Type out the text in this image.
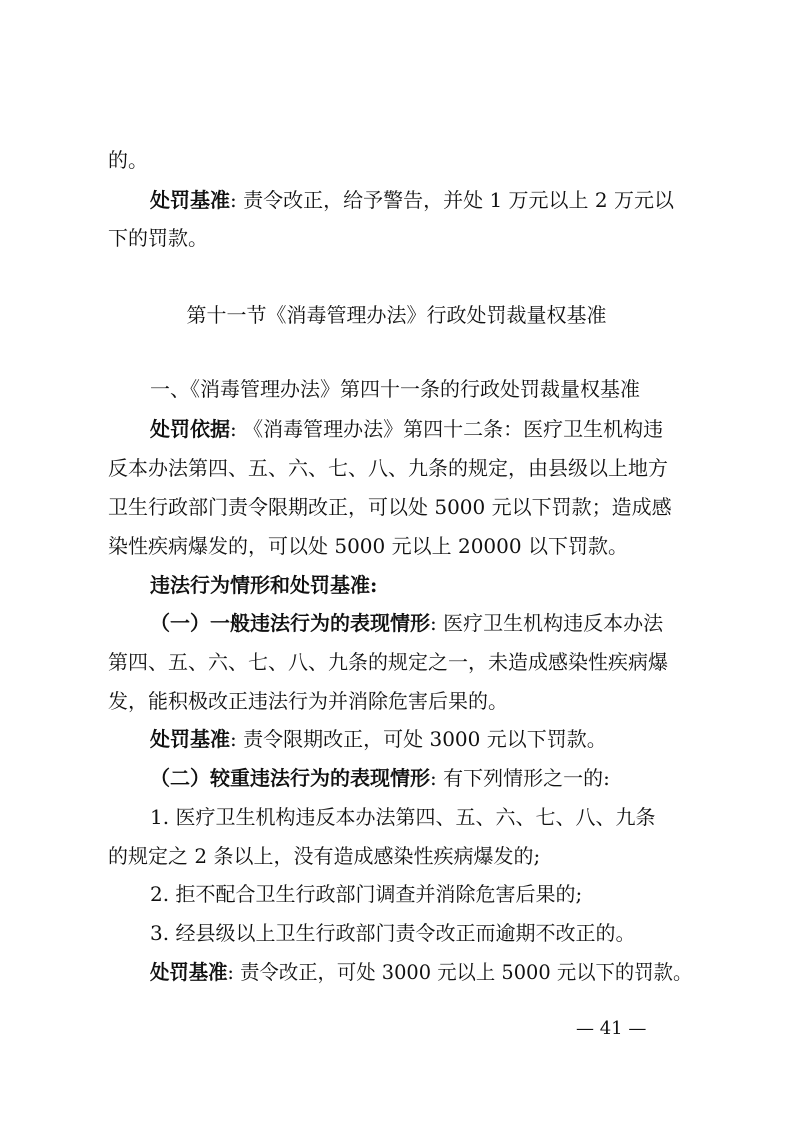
的。
处罚基准: 责令改正，给予警告，并处 1 万元以上 2 万元以
下的罚款。
第十一节《消毒管理办法》行政处罚裁量权基准
一、《消毒管理办法》第四十一条的行政处罚裁量权基准
处罚依据: 《消毒管理办法》第四十二条：医疗卫生机构违
反本办法第四、五、六、七、八、九条的规定，由县级以上地方
卫生行政部门责令限期改正，可以处 5000 元以下罚款；造成感
染性疾病爆发的，可以处 5000 元以上 20000 以下罚款。
违法行为情形和处罚基准:
（一）一般违法行为的表现情形: 医疗卫生机构违反本办法
第四、五、六、七、八、九条的规定之一，未造成感染性疾病爆
发，能积极改正违法行为并消除危害后果的。
处罚基准: 责令限期改正，可处 3000 元以下罚款。
（二）较重违法行为的表现情形: 有下列情形之一的:
1. 医疗卫生机构违反本办法第四、五、六、七、八、九条
的规定之 2 条以上，没有造成感染性疾病爆发的;
2. 拒不配合卫生行政部门调查并消除危害后果的;
3. 经县级以上卫生行政部门责令改正而逾期不改正的。
处罚基准: 责令改正，可处 3000 元以上 5000 元以下的罚款。
— 41 —
